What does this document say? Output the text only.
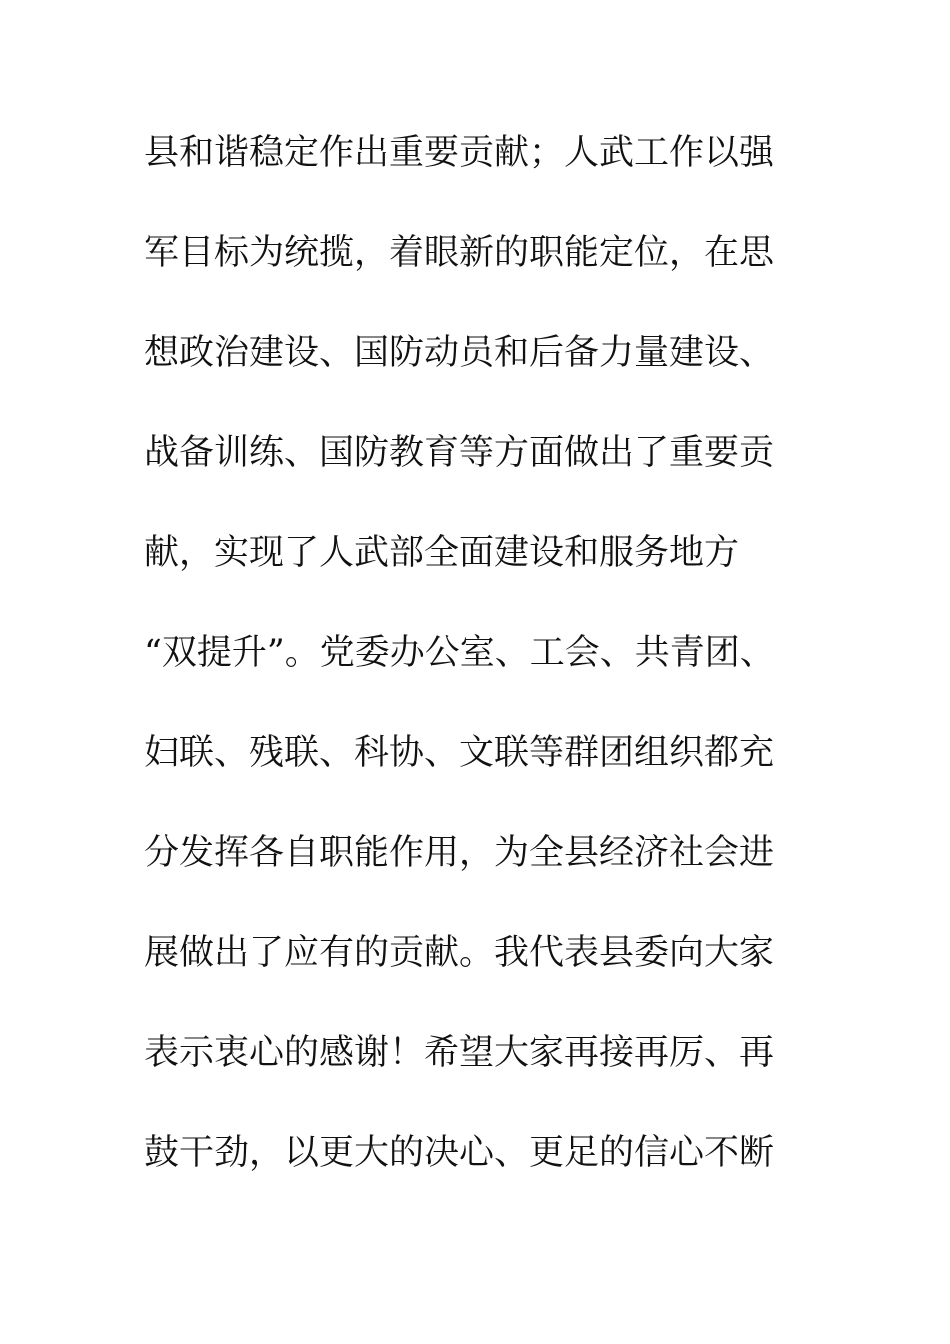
县和谐稳定作出重要贡献；人武工作以强
军目标为统揽，着眼新的职能定位，在思
想政治建设、国防动员和后备力量建设、
战备训练、国防教育等方面做出了重要贡
献，实现了人武部全面建设和服务地方
“双提升”。党委办公室、工会、共青团、
妇联、残联、科协、文联等群团组织都充
分发挥各自职能作用，为全县经济社会进
展做出了应有的贡献。我代表县委向大家
表示衷心的感谢！希望大家再接再厉、再
鼓干劲，以更大的决心、更足的信心不断
